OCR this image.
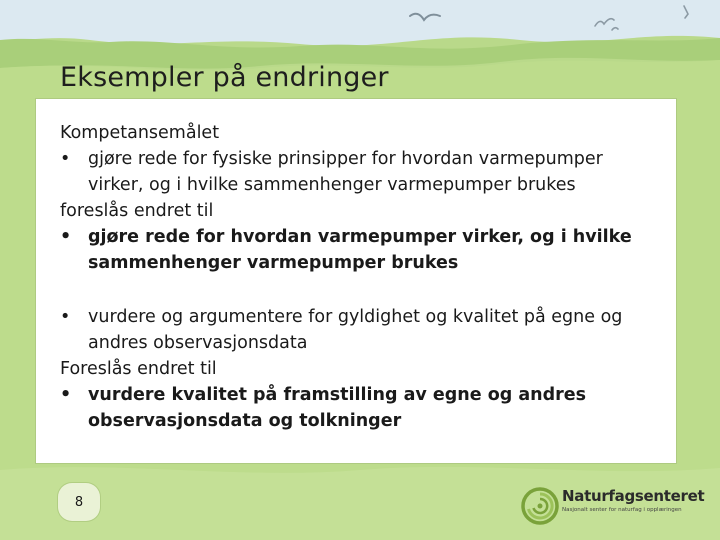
Eksempler på endringer

Kompetansemålet

• gjøre rede for fysiske prinsipper for hvordan varmepumper virker, og i hvilke sammenhenger varmepumper brukes

foreslås endret til

• gjøre rede for hvordan varmepumper virker, og i hvilke sammenhenger varmepumper brukes

• vurdere og argumentere for gyldighet og kvalitet på egne og andres observasjonsdata

Foreslås endret til

• vurdere kvalitet på framstilling av egne og andres observasjonsdata og tolkninger

8	Naturfagsenteret
Nasjonalt senter for naturfag i opplæringen
